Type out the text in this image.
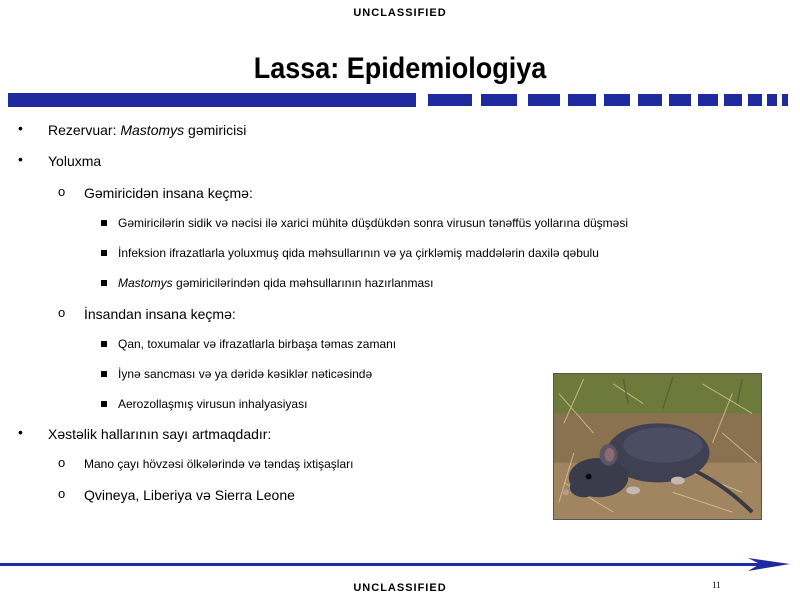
UNCLASSIFIED
Lassa: Epidemiologiya
• Rezervuar: Mastomys gəmiricisi
• Yoluxma
o Gəmiricidən insana keçmə:
Gəmiricilərin sidik və nəcisi ilə xarici mühitə düşdükdən sonra virusun tənəffüs yollarına düşməsi
İnfeksion ifrazatlarla yoluxmuş qida məhsullarının və ya çirkləmiş maddələrin daxilə qəbulu
Mastomys gəmiricilərindən qida məhsullarının hazırlanması
o İnsandan insana keçmə:
Qan, toxumalar və ifrazatlarla birbaşa təmas zamanı
İynə sancması və ya dəridə kəsiklər nəticəsində
Aerozollaşmış virusun inhalyasiyası
• Xəstəlik hallarının sayı artmaqdadır:
o Mano çayı hövzəsi ölkələrində və təndaş ixtişaşları
o Qvineya, Liberiya və Sierra Leone
UNCLASSIFIED	11
